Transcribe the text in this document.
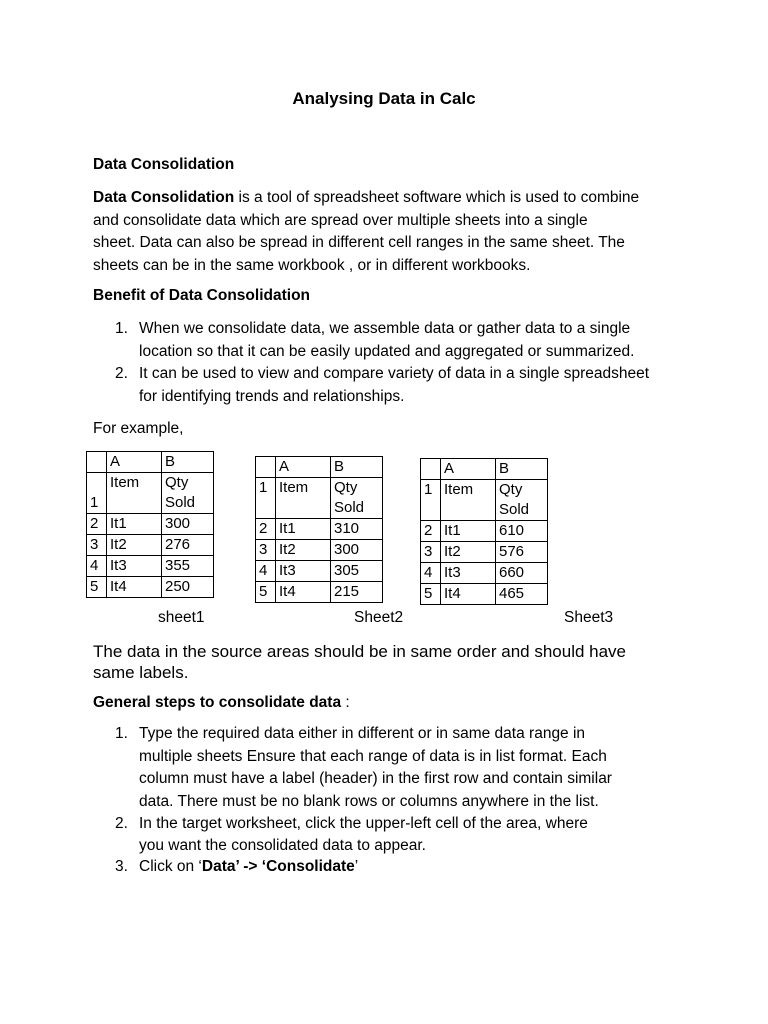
Analysing Data in Calc
Data Consolidation
Data Consolidation is a tool of spreadsheet software which is used to combine
and consolidate data which are spread over multiple sheets into a single
sheet. Data can also be spread in different cell ranges in the same sheet. The
sheets can be in the same workbook , or in different workbooks.
Benefit of Data Consolidation
1. When we consolidate data, we assemble data or gather data to a single
location so that it can be easily updated and aggregated or summarized.
2. It can be used to view and compare variety of data in a single spreadsheet
for identifying trends and relationships.
For example,
	A	B
1	Item	Qty
Sold

2	It1	300
3	It2	276
4	It3	355
5	It4	250
sheet1
	A	B
1	Item	Qty
Sold

2	It1	310
3	It2	300
4	It3	305
5	It4	215
Sheet2
	A	B
1	Item	Qty
Sold

2	It1	610
3	It2	576
4	It3	660
5	It4	465
Sheet3
The data in the source areas should be in same order and should have
same labels.
General steps to consolidate data :
1. Type the required data either in different or in same data range in
multiple sheets Ensure that each range of data is in list format. Each
column must have a label (header) in the first row and contain similar
data. There must be no blank rows or columns anywhere in the list.
2. In the target worksheet, click the upper-left cell of the area, where
you want the consolidated data to appear.
3. Click on ‘Data’ -> ‘Consolidate’
